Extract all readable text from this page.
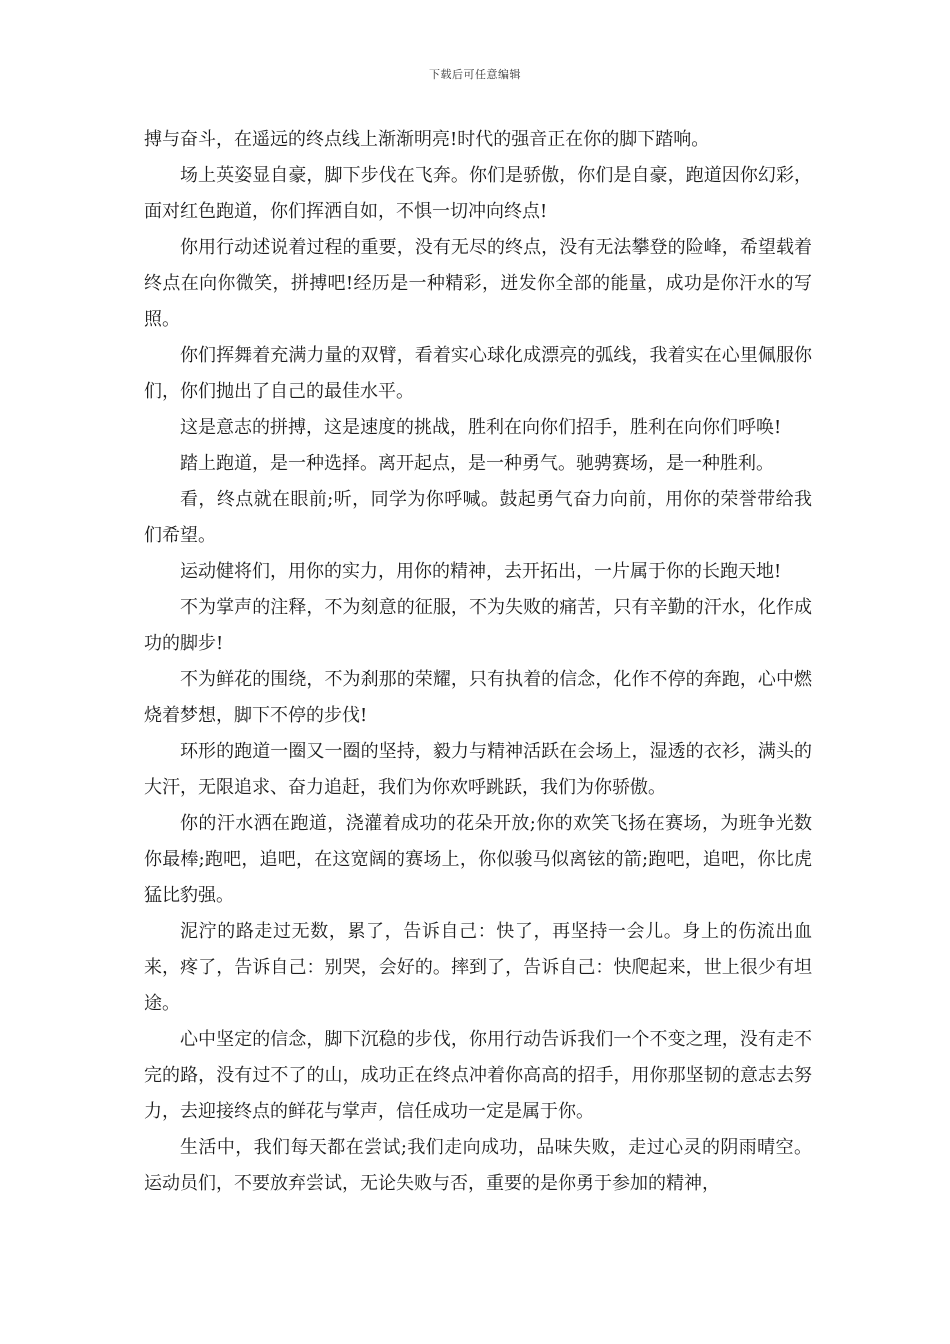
下载后可任意编辑

搏与奋斗，在遥远的终点线上渐渐明亮!时代的强音正在你的脚下踏响。

场上英姿显自豪，脚下步伐在飞奔。你们是骄傲，你们是自豪，跑道因你幻彩，面对红色跑道，你们挥洒自如，不惧一切冲向终点!

你用行动述说着过程的重要，没有无尽的终点，没有无法攀登的险峰，希望载着终点在向你微笑，拼搏吧!经历是一种精彩，迸发你全部的能量，成功是你汗水的写照。

你们挥舞着充满力量的双臂，看着实心球化成漂亮的弧线，我着实在心里佩服你们，你们抛出了自己的最佳水平。

这是意志的拼搏，这是速度的挑战，胜利在向你们招手，胜利在向你们呼唤!

踏上跑道，是一种选择。离开起点，是一种勇气。驰骋赛场，是一种胜利。

看，终点就在眼前;听，同学为你呼喊。鼓起勇气奋力向前，用你的荣誉带给我们希望。

运动健将们，用你的实力，用你的精神，去开拓出，一片属于你的长跑天地!

不为掌声的注释，不为刻意的征服，不为失败的痛苦，只有辛勤的汗水，化作成功的脚步!

不为鲜花的围绕，不为刹那的荣耀，只有执着的信念，化作不停的奔跑，心中燃烧着梦想，脚下不停的步伐!

环形的跑道一圈又一圈的坚持，毅力与精神活跃在会场上，湿透的衣衫，满头的大汗，无限追求、奋力追赶，我们为你欢呼跳跃，我们为你骄傲。

你的汗水洒在跑道，浇灌着成功的花朵开放;你的欢笑飞扬在赛场，为班争光数你最棒;跑吧，追吧，在这宽阔的赛场上，你似骏马似离铉的箭;跑吧，追吧，你比虎猛比豹强。

泥泞的路走过无数，累了，告诉自己：快了，再坚持一会儿。身上的伤流出血来，疼了，告诉自己：别哭，会好的。摔到了，告诉自己：快爬起来，世上很少有坦途。

心中坚定的信念，脚下沉稳的步伐，你用行动告诉我们一个不变之理，没有走不完的路，没有过不了的山，成功正在终点冲着你高高的招手，用你那坚韧的意志去努力，去迎接终点的鲜花与掌声，信任成功一定是属于你。

生活中，我们每天都在尝试;我们走向成功，品味失败，走过心灵的阴雨晴空。运动员们，不要放弃尝试，无论失败与否，重要的是你勇于参加的精神，
